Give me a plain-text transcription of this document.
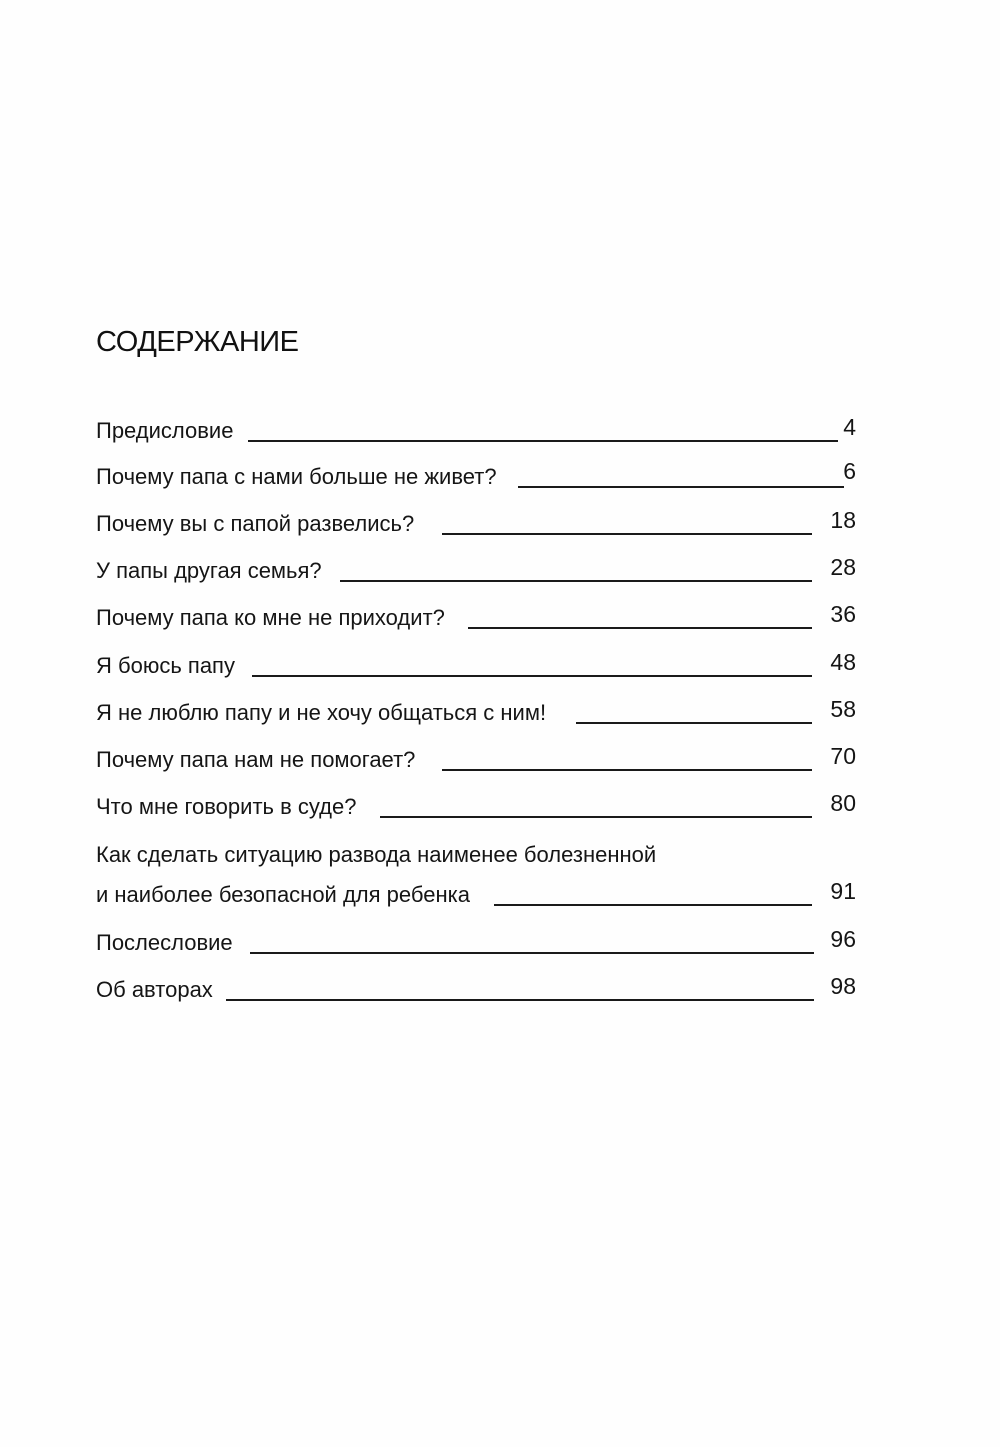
СОДЕРЖАНИЕ
Предисловие	4
Почему папа с нами больше не живет?	6
Почему вы с папой развелись?	18
У папы другая семья?	28
Почему папа ко мне не приходит?	36
Я боюсь папу	48
Я не люблю папу и не хочу общаться с ним!	58
Почему папа нам не помогает?	70
Что мне говорить в суде?	80
Как сделать ситуацию развода наименее болезненной
и наиболее безопасной для ребенка	91
Послесловие	96
Об авторах	98
